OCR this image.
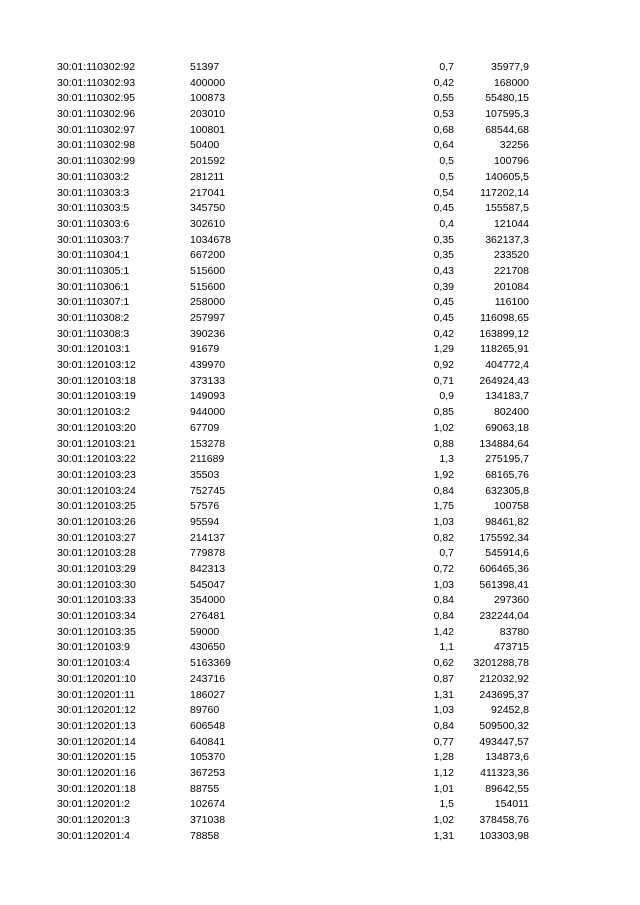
30:01:110302:92	51397	0,7	35977,9
30:01:110302:93	400000	0,42	168000
30:01:110302:95	100873	0,55	55480,15
30:01:110302:96	203010	0,53	107595,3
30:01:110302:97	100801	0,68	68544,68
30:01:110302:98	50400	0,64	32256
30:01:110302:99	201592	0,5	100796
30:01:110303:2	281211	0,5	140605,5
30:01:110303:3	217041	0,54	117202,14
30:01:110303:5	345750	0,45	155587,5
30:01:110303:6	302610	0,4	121044
30:01:110303:7	1034678	0,35	362137,3
30:01:110304:1	667200	0,35	233520
30:01:110305:1	515600	0,43	221708
30:01:110306:1	515600	0,39	201084
30:01:110307:1	258000	0,45	116100
30:01:110308:2	257997	0,45	116098,65
30:01:110308:3	390236	0,42	163899,12
30:01:120103:1	91679	1,29	118265,91
30:01:120103:12	439970	0,92	404772,4
30:01:120103:18	373133	0,71	264924,43
30:01:120103:19	149093	0,9	134183,7
30:01:120103:2	944000	0,85	802400
30:01:120103:20	67709	1,02	69063,18
30:01:120103:21	153278	0,88	134884,64
30:01:120103:22	211689	1,3	275195,7
30:01:120103:23	35503	1,92	68165,76
30:01:120103:24	752745	0,84	632305,8
30:01:120103:25	57576	1,75	100758
30:01:120103:26	95594	1,03	98461,82
30:01:120103:27	214137	0,82	175592,34
30:01:120103:28	779878	0,7	545914,6
30:01:120103:29	842313	0,72	606465,36
30:01:120103:30	545047	1,03	561398,41
30:01:120103:33	354000	0,84	297360
30:01:120103:34	276481	0,84	232244,04
30:01:120103:35	59000	1,42	83780
30:01:120103:9	430650	1,1	473715
30:01:120103:4	5163369	0,62	3201288,78
30:01:120201:10	243716	0,87	212032,92
30:01:120201:11	186027	1,31	243695,37
30:01:120201:12	89760	1,03	92452,8
30:01:120201:13	606548	0,84	509500,32
30:01:120201:14	640841	0,77	493447,57
30:01:120201:15	105370	1,28	134873,6
30:01:120201:16	367253	1,12	411323,36
30:01:120201:18	88755	1,01	89642,55
30:01:120201:2	102674	1,5	154011
30:01:120201:3	371038	1,02	378458,76
30:01:120201:4	78858	1,31	103303,98
